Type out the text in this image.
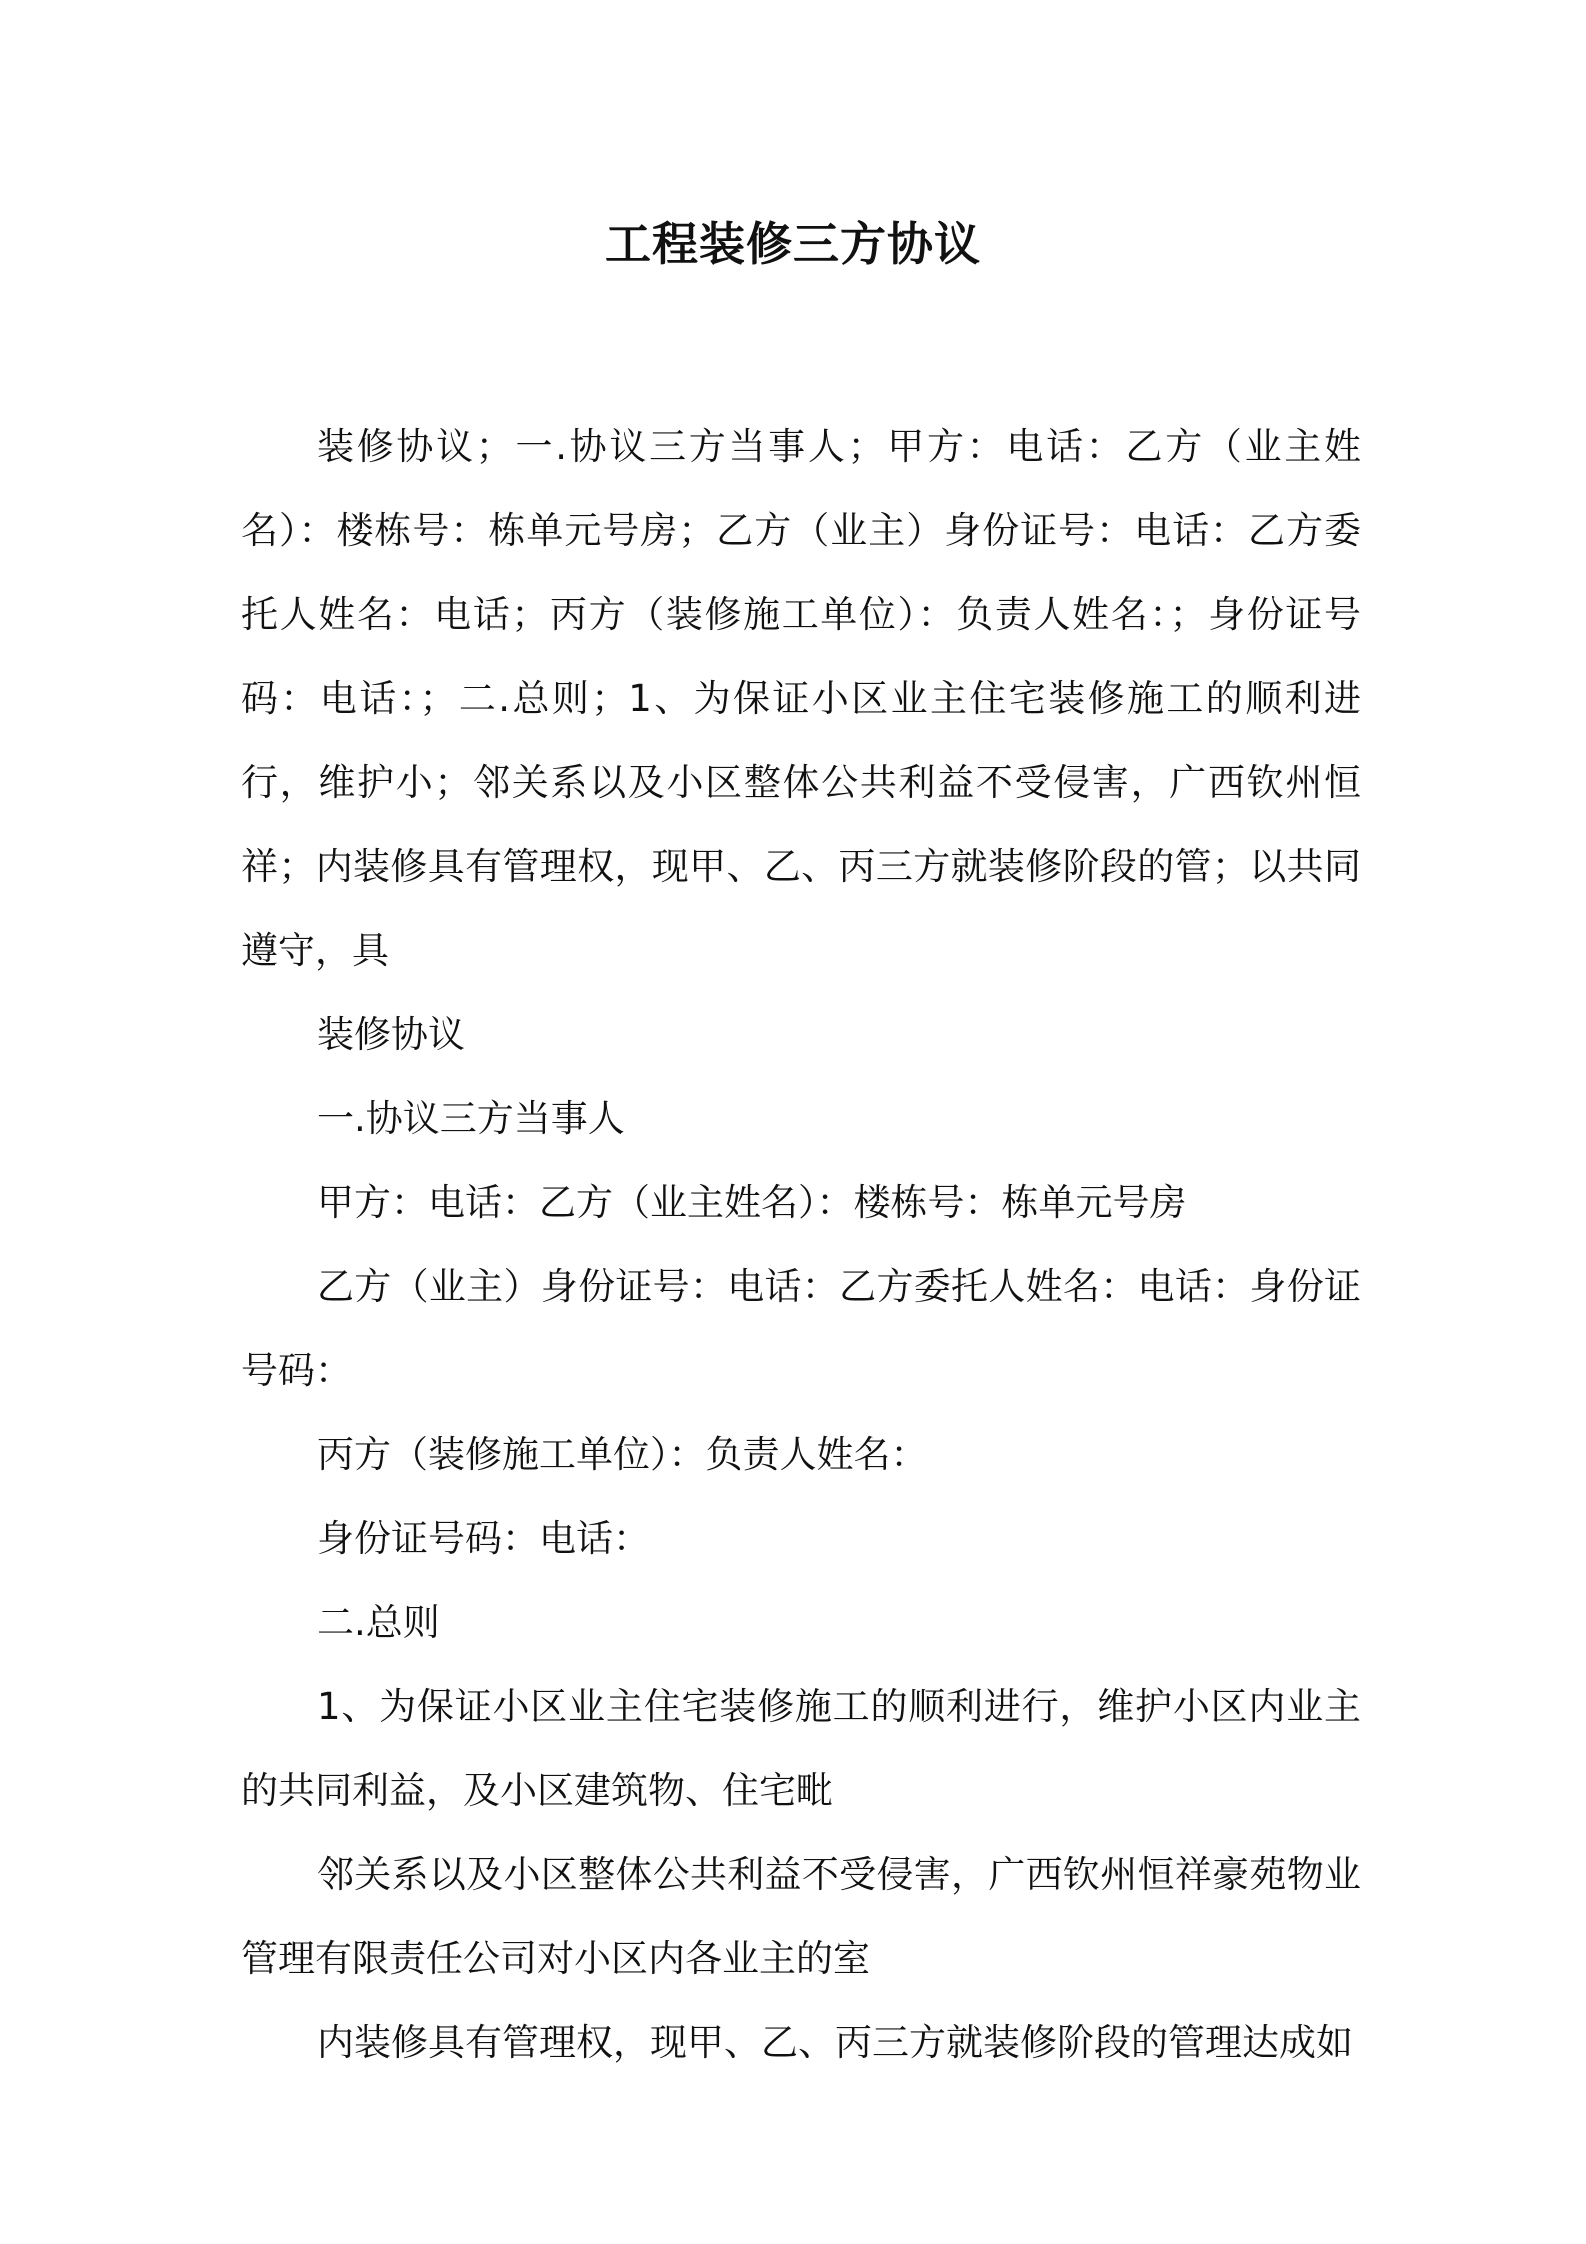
工程装修三方协议

装修协议；一.协议三方当事人；甲方：电话：乙方（业主姓名）：楼栋号：栋单元号房；乙方（业主）身份证号：电话：乙方委托人姓名：电话；丙方（装修施工单位）：负责人姓名：；身份证号码：电话：；二.总则；1、为保证小区业主住宅装修施工的顺利进行，维护小；邻关系以及小区整体公共利益不受侵害，广西钦州恒祥；内装修具有管理权，现甲、乙、丙三方就装修阶段的管；以共同遵守，具

装修协议

一.协议三方当事人

甲方：电话：乙方（业主姓名）：楼栋号：栋单元号房

乙方（业主）身份证号：电话：乙方委托人姓名：电话：身份证号码：

丙方（装修施工单位）：负责人姓名：

身份证号码：电话：

二.总则

1、为保证小区业主住宅装修施工的顺利进行，维护小区内业主的共同利益，及小区建筑物、住宅毗

邻关系以及小区整体公共利益不受侵害，广西钦州恒祥豪苑物业管理有限责任公司对小区内各业主的室

内装修具有管理权，现甲、乙、丙三方就装修阶段的管理达成如
